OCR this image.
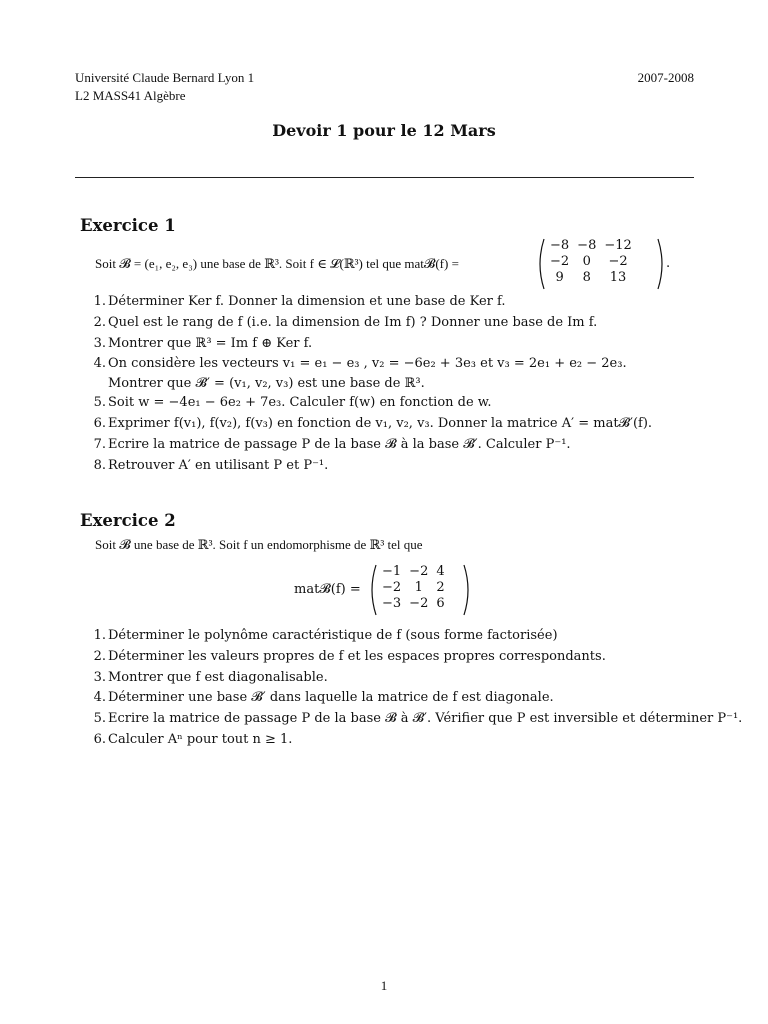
Université Claude Bernard Lyon 1
L2 MASS41 Algèbre
2007-2008
Devoir 1 pour le 12 Mars
Exercice 1
Soit 𝓑 = (e₁, e₂, e₃) une base de ℝ³. Soit f ∈ 𝓛(ℝ³) tel que mat𝓑(f) =
−8	−8	−12
−2	0	−2
9	8	13
.
1. Déterminer Ker f. Donner la dimension et une base de Ker f.
2. Quel est le rang de f (i.e. la dimension de Im f) ? Donner une base de Im f.
3. Montrer que ℝ³ = Im f ⊕ Ker f.
4. On considère les vecteurs v₁ = e₁ − e₃ , v₂ = −6e₂ + 3e₃ et v₃ = 2e₁ + e₂ − 2e₃.
Montrer que 𝓑′ = (v₁, v₂, v₃) est une base de ℝ³.
5. Soit w = −4e₁ − 6e₂ + 7e₃. Calculer f(w) en fonction de w.
6. Exprimer f(v₁), f(v₂), f(v₃) en fonction de v₁, v₂, v₃. Donner la matrice A′ = mat𝓑′(f).
7. Ecrire la matrice de passage P de la base 𝓑 à la base 𝓑′. Calculer P⁻¹.
8. Retrouver A′ en utilisant P et P⁻¹.
Exercice 2
Soit 𝓑 une base de ℝ³. Soit f un endomorphisme de ℝ³ tel que
mat𝓑(f) =
−1	−2	4
−2	1	2
−3	−2	6
1. Déterminer le polynôme caractéristique de f (sous forme factorisée)
2. Déterminer les valeurs propres de f et les espaces propres correspondants.
3. Montrer que f est diagonalisable.
4. Déterminer une base 𝓑′ dans laquelle la matrice de f est diagonale.
5. Ecrire la matrice de passage P de la base 𝓑 à 𝓑′. Vérifier que P est inversible et déterminer P⁻¹.
6. Calculer Aⁿ pour tout n ≥ 1.
1
